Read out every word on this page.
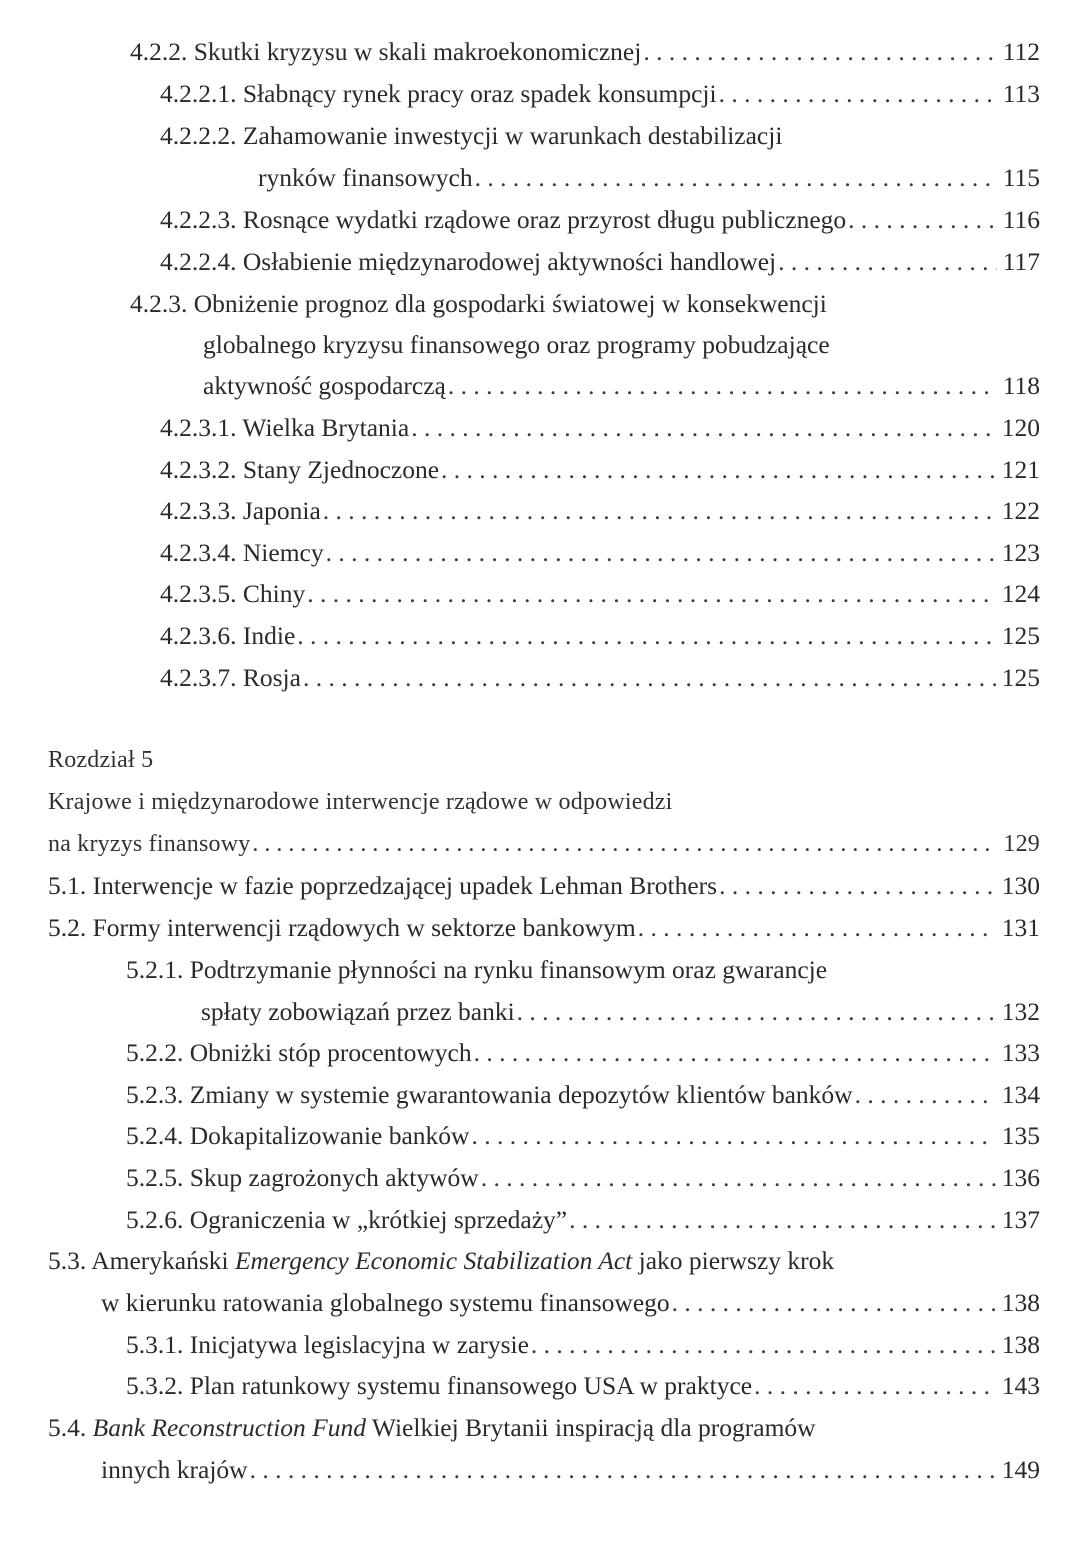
4.2.2. Skutki kryzysu w skali makroekonomicznej . . .	112
4.2.2.1. Słabnący rynek pracy oraz spadek konsumpcji . . .	113
4.2.2.2. Zahamowanie inwestycji w warunkach destabilizacji
rynków finansowych . . .	115
4.2.2.3. Rosnące wydatki rządowe oraz przyrost długu publicznego . . .	116
4.2.2.4. Osłabienie międzynarodowej aktywności handlowej . . .	117
4.2.3. Obniżenie prognoz dla gospodarki światowej w konsekwencji
globalnego kryzysu finansowego oraz programy pobudzające
aktywność gospodarczą . . .	118
4.2.3.1. Wielka Brytania . . .	120
4.2.3.2. Stany Zjednoczone . . .	121
4.2.3.3. Japonia . . .	122
4.2.3.4. Niemcy . . .	123
4.2.3.5. Chiny . . .	124
4.2.3.6. Indie . . .	125
4.2.3.7. Rosja . . .	125
Rozdział 5
Krajowe i międzynarodowe interwencje rządowe w odpowiedzi
na kryzys finansowy . . .	129
5.1. Interwencje w fazie poprzedzającej upadek Lehman Brothers . . .	130
5.2. Formy interwencji rządowych w sektorze bankowym . . .	131
5.2.1. Podtrzymanie płynności na rynku finansowym oraz gwarancje
spłaty zobowiązań przez banki . . .	132
5.2.2. Obniżki stóp procentowych . . .	133
5.2.3. Zmiany w systemie gwarantowania depozytów klientów banków . . .	134
5.2.4. Dokapitalizowanie banków . . .	135
5.2.5. Skup zagrożonych aktywów . . .	136
5.2.6. Ograniczenia w „krótkiej sprzedaży” . . .	137
5.3. Amerykański Emergency Economic Stabilization Act jako pierwszy krok
w kierunku ratowania globalnego systemu finansowego . . .	138
5.3.1. Inicjatywa legislacyjna w zarysie . . .	138
5.3.2. Plan ratunkowy systemu finansowego USA w praktyce . . .	143
5.4. Bank Reconstruction Fund Wielkiej Brytanii inspiracją dla programów
innych krajów . . .	149
